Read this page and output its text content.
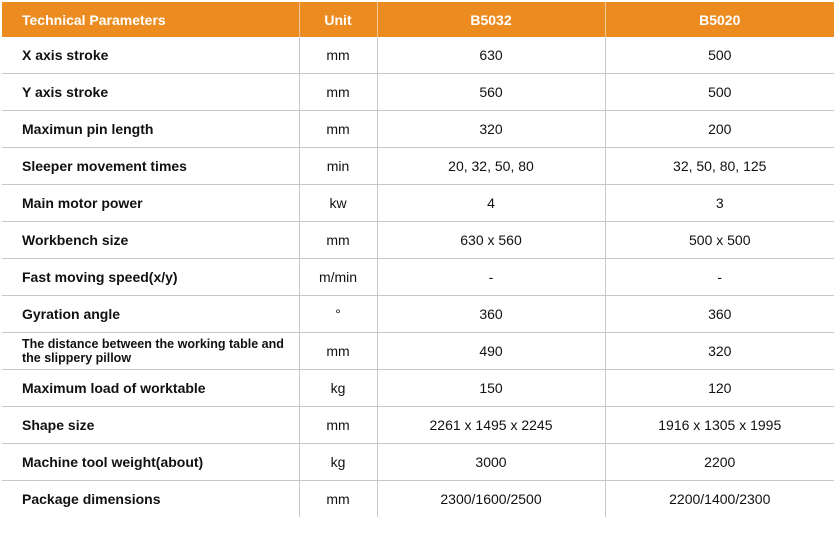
Technical Parameters	Unit	B5032	B5020
X axis stroke	mm	630	500
Y axis stroke	mm	560	500
Maximun pin length	mm	320	200
Sleeper movement times	min	20, 32, 50, 80	32, 50, 80, 125
Main motor power	kw	4	3
Workbench size	mm	630 x 560	500 x 500
Fast moving speed(x/y)	m/min	-	-
Gyration angle	°	360	360
The distance between the working table and the slippery pillow	mm	490	320
Maximum load of worktable	kg	150	120
Shape size	mm	2261 x 1495 x 2245	1916 x 1305 x 1995
Machine tool weight(about)	kg	3000	2200
Package dimensions	mm	2300/1600/2500	2200/1400/2300
